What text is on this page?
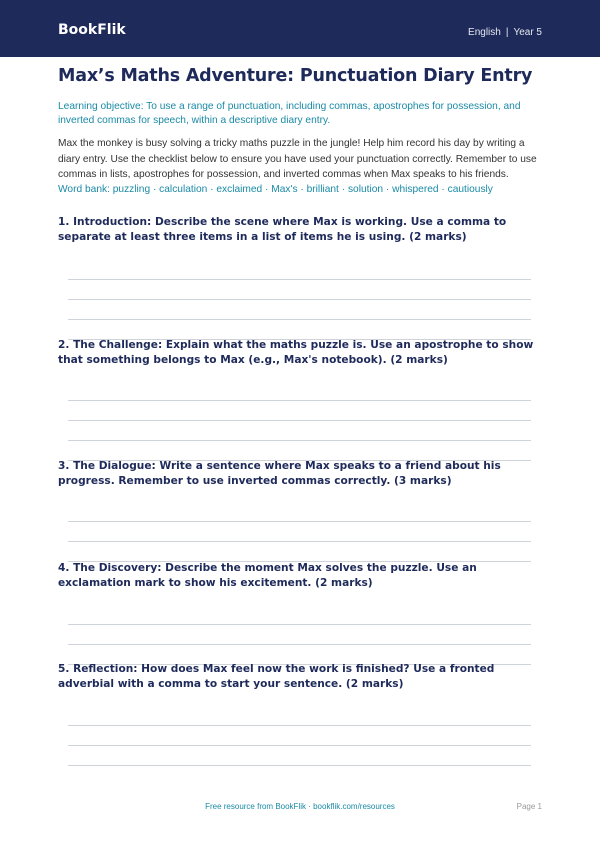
BookFlik	English | Year 5
Max’s Maths Adventure: Punctuation Diary Entry

Learning objective: To use a range of punctuation, including commas, apostrophes for possession, and inverted commas for speech, within a descriptive diary entry.

Max the monkey is busy solving a tricky maths puzzle in the jungle! Help him record his day by writing a diary entry. Use the checklist below to ensure you have used your punctuation correctly. Remember to use commas in lists, apostrophes for possession, and inverted commas when Max speaks to his friends.

Word bank: puzzling · calculation · exclaimed · Max's · brilliant · solution · whispered · cautiously

1. Introduction: Describe the scene where Max is working. Use a comma to separate at least three items in a list of items he is using. (2 marks)
2. The Challenge: Explain what the maths puzzle is. Use an apostrophe to show that something belongs to Max (e.g., Max's notebook). (2 marks)
3. The Dialogue: Write a sentence where Max speaks to a friend about his progress. Remember to use inverted commas correctly. (3 marks)
4. The Discovery: Describe the moment Max solves the puzzle. Use an exclamation mark to show his excitement. (2 marks)
5. Reflection: How does Max feel now the work is finished? Use a fronted adverbial with a comma to start your sentence. (2 marks)
Free resource from BookFlik · bookflik.com/resources	Page 1
